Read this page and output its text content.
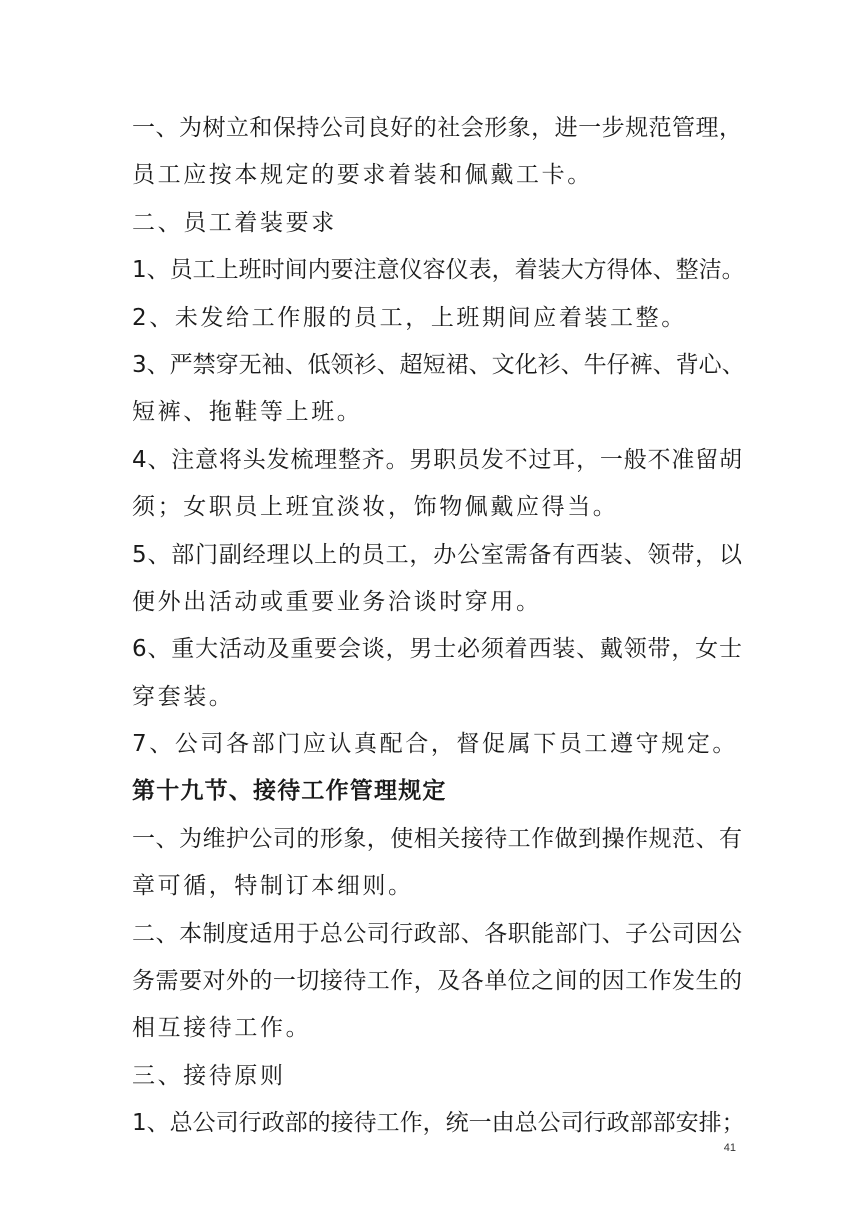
一、为树立和保持公司良好的社会形象，进一步规范管理，
员工应按本规定的要求着装和佩戴工卡。
二、员工着装要求
1、员工上班时间内要注意仪容仪表，着装大方得体、整洁。
2、未发给工作服的员工，上班期间应着装工整。
3、严禁穿无袖、低领衫、超短裙、文化衫、牛仔裤、背心、
短裤、拖鞋等上班。
4、注意将头发梳理整齐。男职员发不过耳，一般不准留胡
须；女职员上班宜淡妆，饰物佩戴应得当。
5、部门副经理以上的员工，办公室需备有西装、领带，以
便外出活动或重要业务洽谈时穿用。
6、重大活动及重要会谈，男士必须着西装、戴领带，女士
穿套装。
7、公司各部门应认真配合，督促属下员工遵守规定。
第十九节、接待工作管理规定
一、为维护公司的形象，使相关接待工作做到操作规范、有
章可循，特制订本细则。
二、本制度适用于总公司行政部、各职能部门、子公司因公
务需要对外的一切接待工作，及各单位之间的因工作发生的
相互接待工作。
三、接待原则
1、总公司行政部的接待工作，统一由总公司行政部部安排；
41
